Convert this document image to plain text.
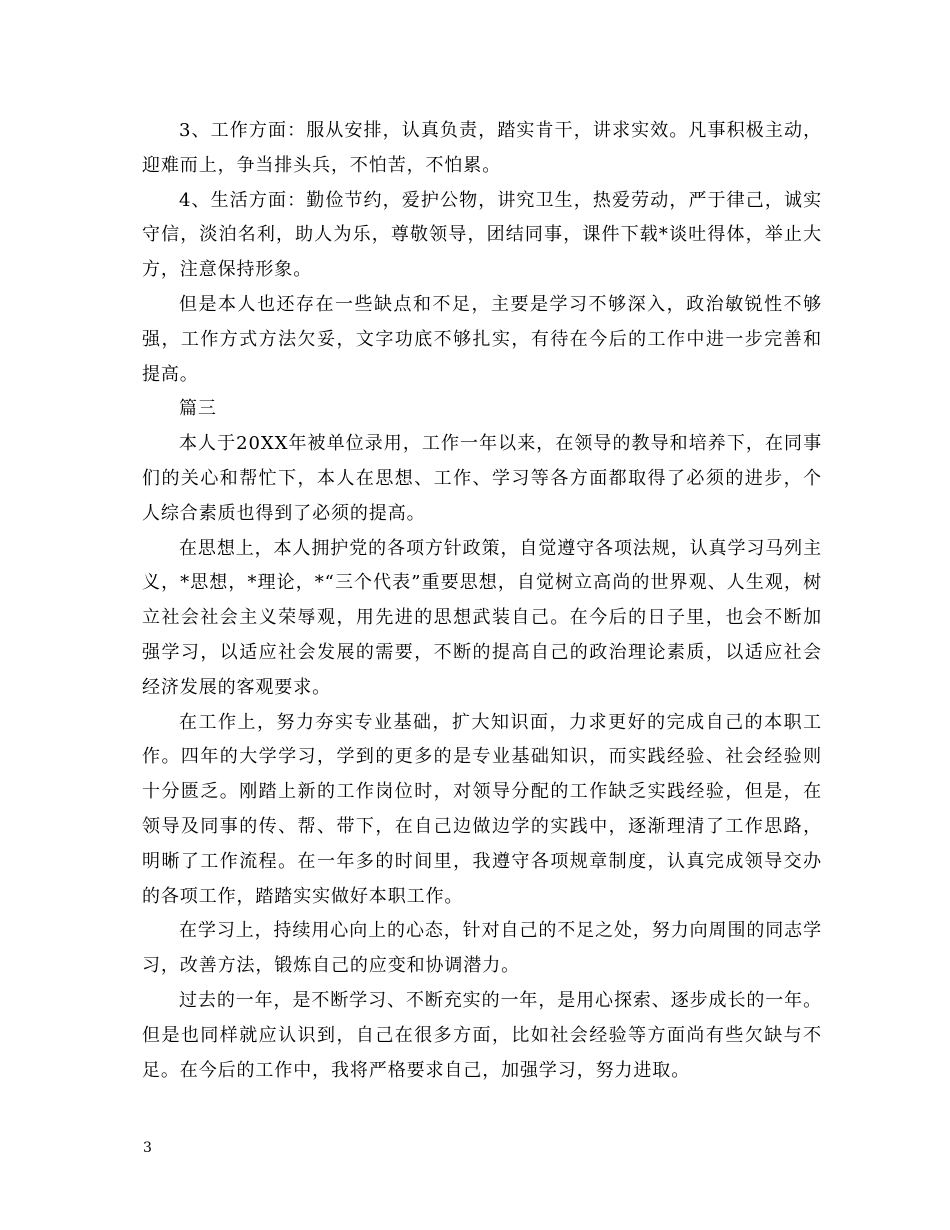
3、工作方面：服从安排，认真负责，踏实肯干，讲求实效。凡事积极主动，迎难而上，争当排头兵，不怕苦，不怕累。

4、生活方面：勤俭节约，爱护公物，讲究卫生，热爱劳动，严于律己，诚实守信，淡泊名利，助人为乐，尊敬领导，团结同事，课件下载*谈吐得体，举止大方，注意保持形象。

但是本人也还存在一些缺点和不足，主要是学习不够深入，政治敏锐性不够强，工作方式方法欠妥，文字功底不够扎实，有待在今后的工作中进一步完善和提高。

篇三

本人于20XX年被单位录用，工作一年以来，在领导的教导和培养下，在同事们的关心和帮忙下，本人在思想、工作、学习等各方面都取得了必须的进步，个人综合素质也得到了必须的提高。

在思想上，本人拥护党的各项方针政策，自觉遵守各项法规，认真学习马列主义，*思想，*理论，*“三个代表”重要思想，自觉树立高尚的世界观、人生观，树立社会社会主义荣辱观，用先进的思想武装自己。在今后的日子里，也会不断加强学习，以适应社会发展的需要，不断的提高自己的政治理论素质，以适应社会经济发展的客观要求。

在工作上，努力夯实专业基础，扩大知识面，力求更好的完成自己的本职工作。四年的大学学习，学到的更多的是专业基础知识，而实践经验、社会经验则十分匮乏。刚踏上新的工作岗位时，对领导分配的工作缺乏实践经验，但是，在领导及同事的传、帮、带下，在自己边做边学的实践中，逐渐理清了工作思路，明晰了工作流程。在一年多的时间里，我遵守各项规章制度，认真完成领导交办的各项工作，踏踏实实做好本职工作。

在学习上，持续用心向上的心态，针对自己的不足之处，努力向周围的同志学习，改善方法，锻炼自己的应变和协调潜力。

过去的一年，是不断学习、不断充实的一年，是用心探索、逐步成长的一年。但是也同样就应认识到，自己在很多方面，比如社会经验等方面尚有些欠缺与不足。在今后的工作中，我将严格要求自己，加强学习，努力进取。

3
